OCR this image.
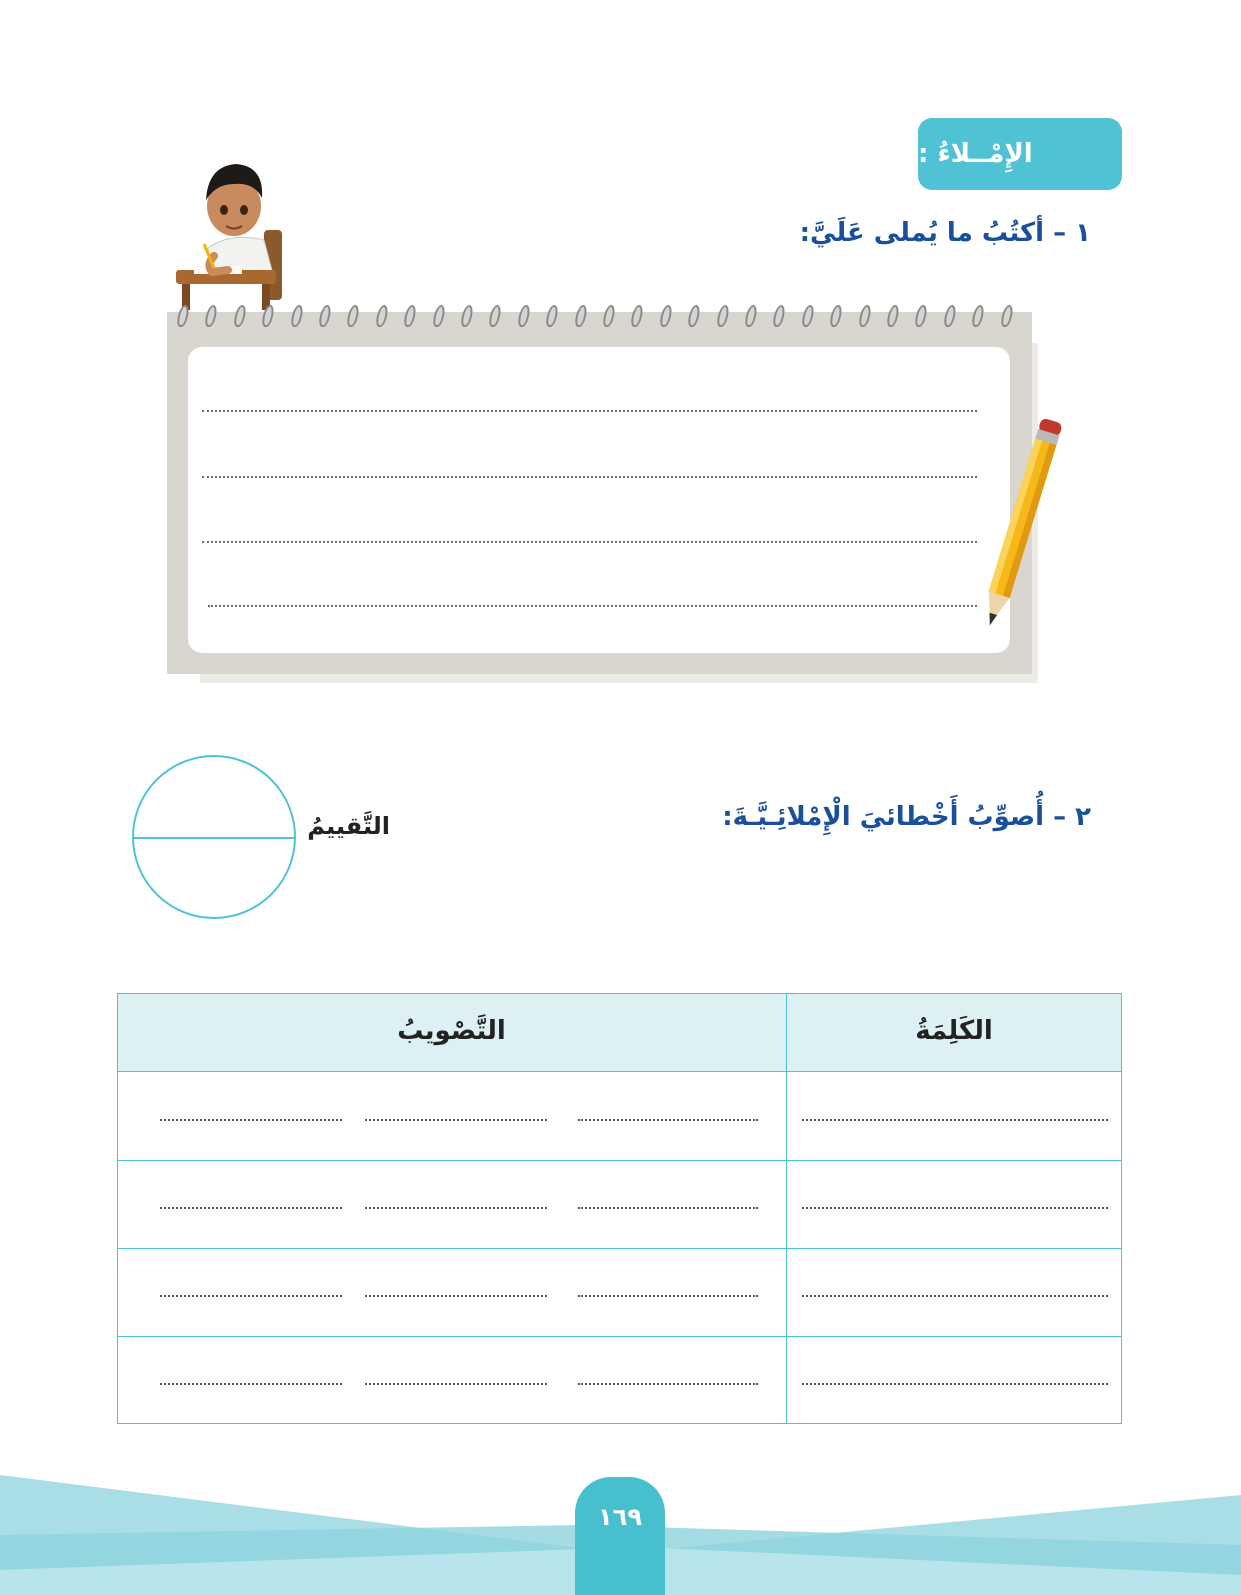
الإِمْــلاءُ :
١ – أكتُبُ ما يُملى عَلَيَّ:
٢ – أُصوِّبُ أَخْطائيَ الْإِمْلائِـيَّـةَ:
التَّقييمُ
الكَلِمَةُ
التَّصْويبُ
١٦٩
